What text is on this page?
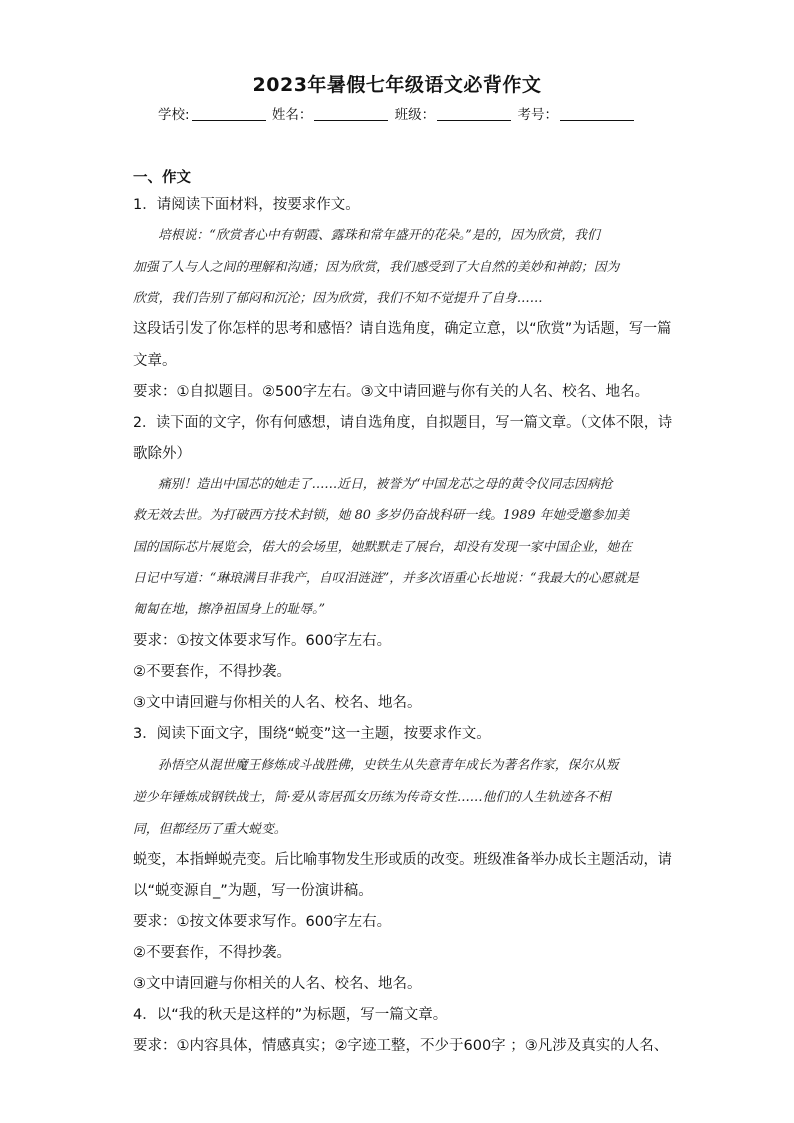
2023年暑假七年级语文必背作文
学校:	姓名：	班级：	考号：
一、作文
1．请阅读下面材料，按要求作文。
培根说：“欣赏者心中有朝霞、露珠和常年盛开的花朵。”是的，因为欣赏，我们
加强了人与人之间的理解和沟通；因为欣赏，我们感受到了大自然的美妙和神韵；因为
欣赏，我们告别了郁闷和沉沦；因为欣赏，我们不知不觉提升了自身……
这段话引发了你怎样的思考和感悟？请自选角度，确定立意，以“欣赏”为话题，写一篇
文章。
要求：①自拟题目。②500字左右。③文中请回避与你有关的人名、校名、地名。
2．读下面的文字，你有何感想，请自选角度，自拟题目，写一篇文章。（文体不限，诗
歌除外）
痛别！造出中国芯的她走了……近日，被誉为“中国龙芯之母的黄令仪同志因病抢
救无效去世。为打破西方技术封锁，她 80 多岁仍奋战科研一线。1989 年她受邀参加美
国的国际芯片展览会，偌大的会场里，她默默走了展台，却没有发现一家中国企业，她在
日记中写道：“琳琅满目非我产，自叹泪涟涟”，并多次语重心长地说：“我最大的心愿就是
匍匐在地，擦净祖国身上的耻辱。”
要求：①按文体要求写作。600字左右。
②不要套作，不得抄袭。
③文中请回避与你相关的人名、校名、地名。
3．阅读下面文字，围绕“蜕变”这一主题，按要求作文。
孙悟空从混世魔王修炼成斗战胜佛，史铁生从失意青年成长为著名作家，保尔从叛
逆少年锤炼成钢铁战士，简·爱从寄居孤女历练为传奇女性……他们的人生轨迹各不相
同，但都经历了重大蜕变。
蜕变，本指蝉蜕壳变。后比喻事物发生形或质的改变。班级准备举办成长主题活动，请
以“蜕变源自_”为题，写一份演讲稿。
要求：①按文体要求写作。600字左右。
②不要套作，不得抄袭。
③文中请回避与你相关的人名、校名、地名。
4．以“我的秋天是这样的”为标题，写一篇文章。
要求：①内容具体，情感真实；②字迹工整，不少于600字 ；③凡涉及真实的人名、
